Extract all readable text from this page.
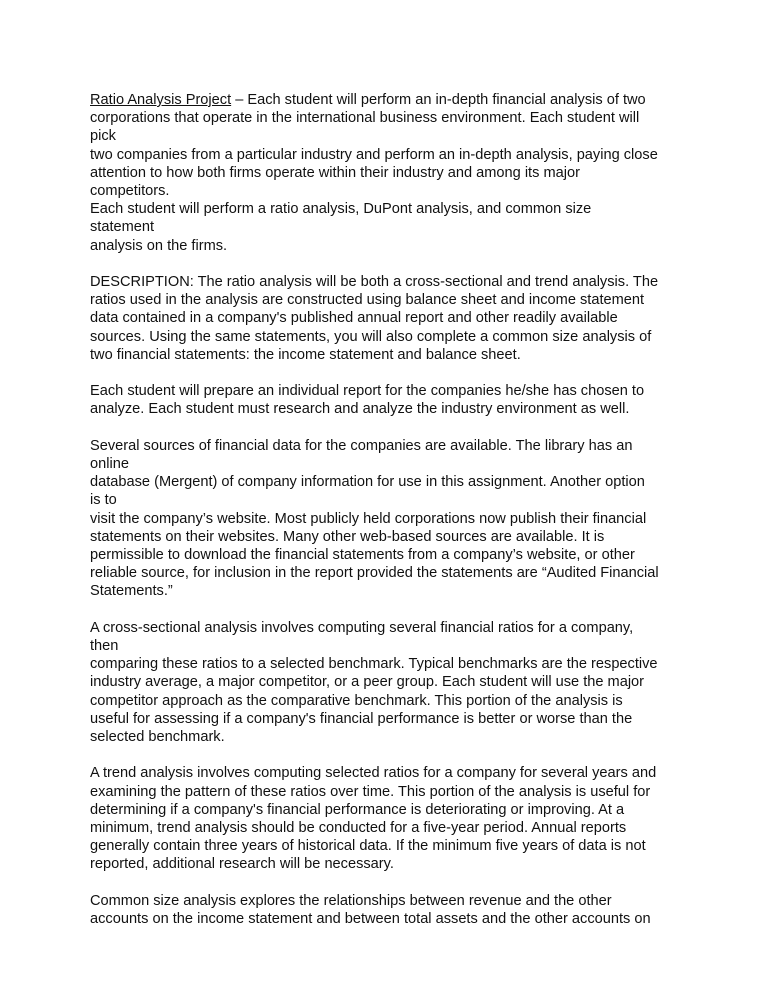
Ratio Analysis Project – Each student will perform an in-depth financial analysis of two
corporations that operate in the international business environment. Each student will
pick
two companies from a particular industry and perform an in-depth analysis, paying close
attention to how both firms operate within their industry and among its major
competitors.
Each student will perform a ratio analysis, DuPont analysis, and common size
statement
analysis on the firms.
DESCRIPTION: The ratio analysis will be both a cross-sectional and trend analysis. The
ratios used in the analysis are constructed using balance sheet and income statement
data contained in a company's published annual report and other readily available
sources. Using the same statements, you will also complete a common size analysis of
two financial statements: the income statement and balance sheet.
Each student will prepare an individual report for the companies he/she has chosen to
analyze. Each student must research and analyze the industry environment as well.
Several sources of financial data for the companies are available. The library has an
online
database (Mergent) of company information for use in this assignment. Another option
is to
visit the company’s website. Most publicly held corporations now publish their financial
statements on their websites. Many other web-based sources are available. It is
permissible to download the financial statements from a company’s website, or other
reliable source, for inclusion in the report provided the statements are “Audited Financial
Statements.”
A cross-sectional analysis involves computing several financial ratios for a company,
then
comparing these ratios to a selected benchmark. Typical benchmarks are the respective
industry average, a major competitor, or a peer group. Each student will use the major
competitor approach as the comparative benchmark. This portion of the analysis is
useful for assessing if a company's financial performance is better or worse than the
selected benchmark.
A trend analysis involves computing selected ratios for a company for several years and
examining the pattern of these ratios over time. This portion of the analysis is useful for
determining if a company's financial performance is deteriorating or improving. At a
minimum, trend analysis should be conducted for a five-year period. Annual reports
generally contain three years of historical data. If the minimum five years of data is not
reported, additional research will be necessary.
Common size analysis explores the relationships between revenue and the other
accounts on the income statement and between total assets and the other accounts on
